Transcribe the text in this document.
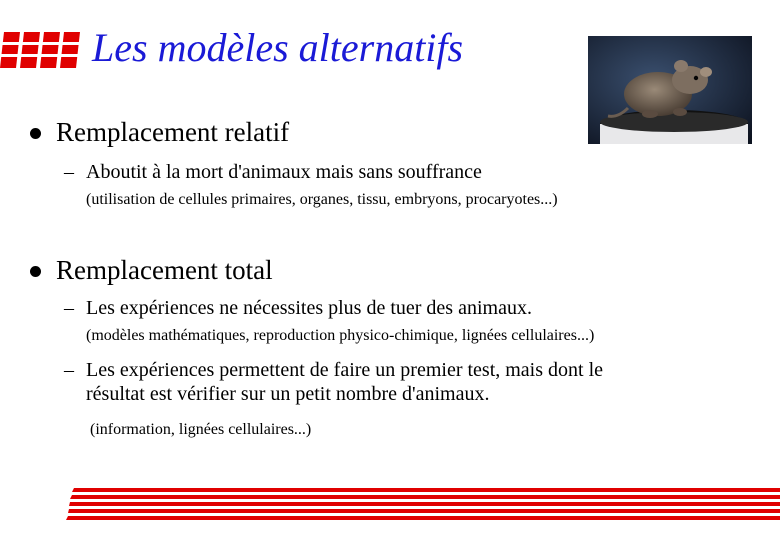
Les modèles alternatifs
Remplacement relatif
– Aboutit à la mort d'animaux mais sans souffrance
(utilisation de cellules primaires, organes, tissu, embryons, procaryotes...)
Remplacement total
– Les expériences ne nécessites plus de tuer des animaux.
(modèles mathématiques, reproduction physico-chimique, lignées cellulaires...)
– Les expériences permettent de faire un premier test, mais dont le
résultat est vérifier sur un petit nombre d'animaux.
(information, lignées cellulaires...)
